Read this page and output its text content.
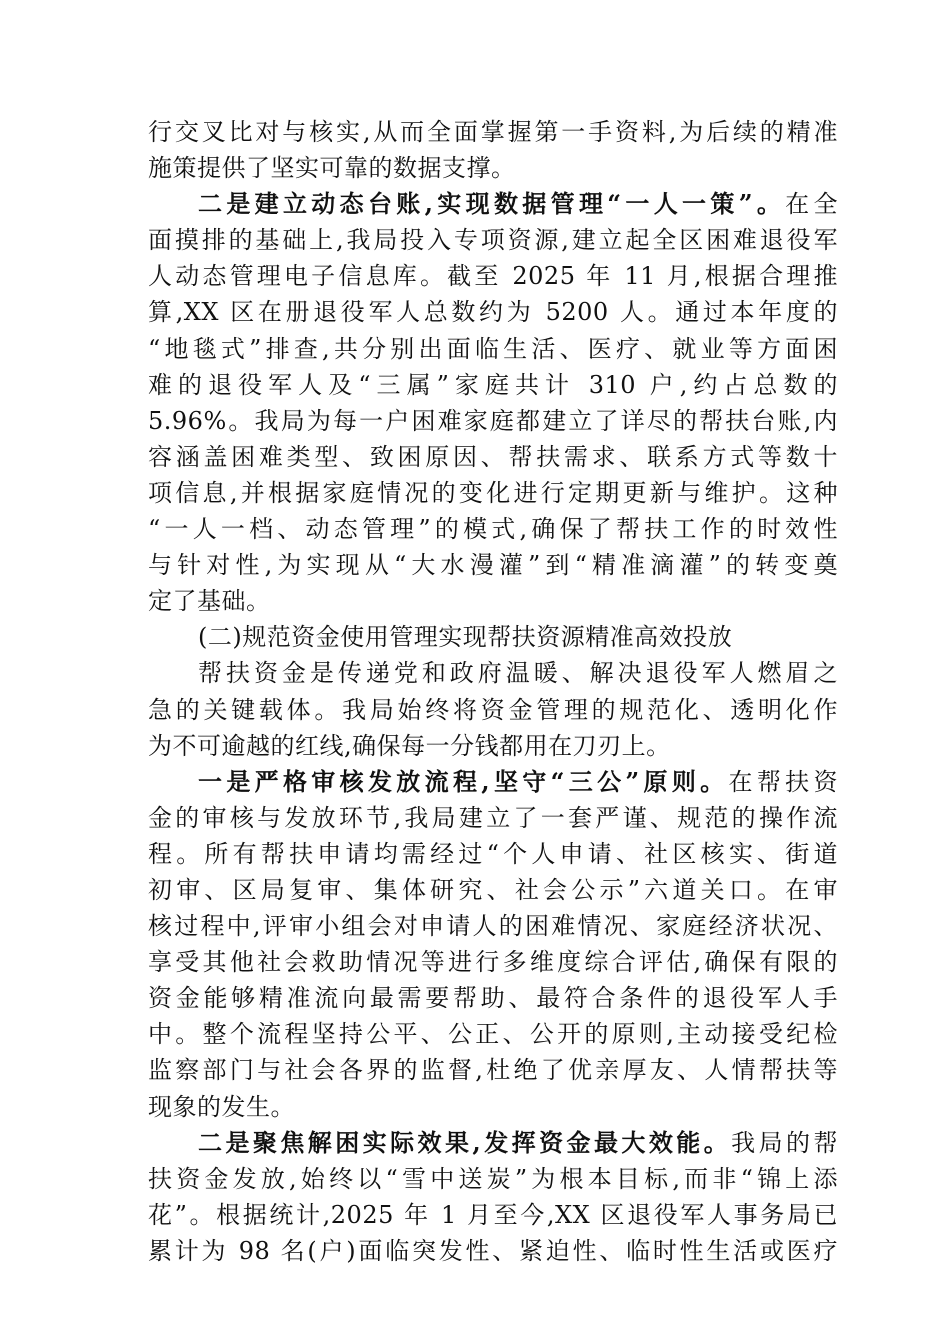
行交叉比对与核实,从而全面掌握第一手资料,为后续的精准
施策提供了坚实可靠的数据支撑。
二是建立动态台账,实现数据管理“一人一策”。在全
面摸排的基础上,我局投入专项资源,建立起全区困难退役军
人动态管理电子信息库。截至 2025 年 11 月,根据合理推
算,XX 区在册退役军人总数约为 5200 人。通过本年度的
“地毯式”排查,共分别出面临生活、医疗、就业等方面困
难的退役军人及“三属”家庭共计 310 户,约占总数的
5.96%。我局为每一户困难家庭都建立了详尽的帮扶台账,内
容涵盖困难类型、致困原因、帮扶需求、联系方式等数十
项信息,并根据家庭情况的变化进行定期更新与维护。这种
“一人一档、动态管理”的模式,确保了帮扶工作的时效性
与针对性,为实现从“大水漫灌”到“精准滴灌”的转变奠
定了基础。
(二)规范资金使用管理实现帮扶资源精准高效投放
帮扶资金是传递党和政府温暖、解决退役军人燃眉之
急的关键载体。我局始终将资金管理的规范化、透明化作
为不可逾越的红线,确保每一分钱都用在刀刃上。
一是严格审核发放流程,坚守“三公”原则。在帮扶资
金的审核与发放环节,我局建立了一套严谨、规范的操作流
程。所有帮扶申请均需经过“个人申请、社区核实、街道
初审、区局复审、集体研究、社会公示”六道关口。在审
核过程中,评审小组会对申请人的困难情况、家庭经济状况、
享受其他社会救助情况等进行多维度综合评估,确保有限的
资金能够精准流向最需要帮助、最符合条件的退役军人手
中。整个流程坚持公平、公正、公开的原则,主动接受纪检
监察部门与社会各界的监督,杜绝了优亲厚友、人情帮扶等
现象的发生。
二是聚焦解困实际效果,发挥资金最大效能。我局的帮
扶资金发放,始终以“雪中送炭”为根本目标,而非“锦上添
花”。根据统计,2025 年 1 月至今,XX 区退役军人事务局已
累计为 98 名(户)面临突发性、紧迫性、临时性生活或医疗
